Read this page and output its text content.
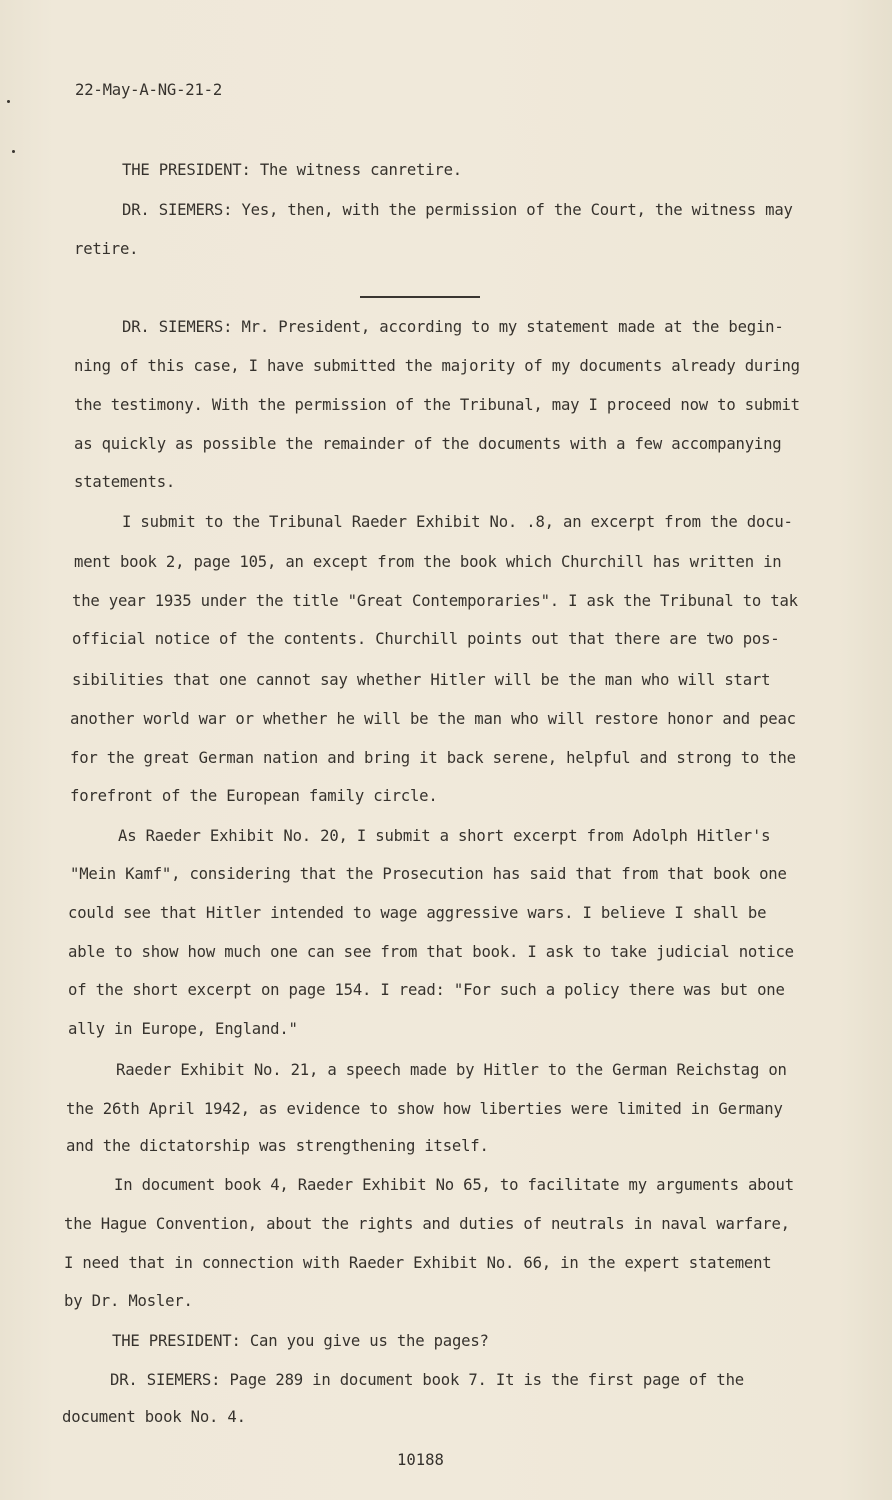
22-May-A-NG-21-2
THE PRESIDENT: The witness canretire.
DR. SIEMERS: Yes, then, with the permission of the Court, the witness may
retire.
DR. SIEMERS: Mr. President, according to my statement made at the begin-
ning of this case, I have submitted the majority of my documents already during
the testimony. With the permission of the Tribunal, may I proceed now to submit
as quickly as possible the remainder of the documents with a few accompanying
statements.
I submit to the Tribunal Raeder Exhibit No. .8, an excerpt from the docu-
ment book 2, page 105, an except from the book which Churchill has written in
the year 1935 under the title "Great Contemporaries". I ask the Tribunal to tak
official notice of the contents. Churchill points out that there are two pos-
sibilities that one cannot say whether Hitler will be the man who will start
another world war or whether he will be the man who will restore honor and peac
for the great German nation and bring it back serene, helpful and strong to the
forefront of the European family circle.
As Raeder Exhibit No. 20, I submit a short excerpt from Adolph Hitler's
"Mein Kamf", considering that the Prosecution has said that from that book one
could see that Hitler intended to wage aggressive wars. I believe I shall be
able to show how much one can see from that book. I ask to take judicial notice
of the short excerpt on page 154. I read: "For such a policy there was but one
ally in Europe, England."
Raeder Exhibit No. 21, a speech made by Hitler to the German Reichstag on
the 26th April 1942, as evidence to show how liberties were limited in Germany
and the dictatorship was strengthening itself.
In document book 4, Raeder Exhibit No 65, to facilitate my arguments about
the Hague Convention, about the rights and duties of neutrals in naval warfare,
I need that in connection with Raeder Exhibit No. 66, in the expert statement
by Dr. Mosler.
THE PRESIDENT: Can you give us the pages?
DR. SIEMERS: Page 289 in document book 7. It is the first page of the
document book No. 4.
10188
